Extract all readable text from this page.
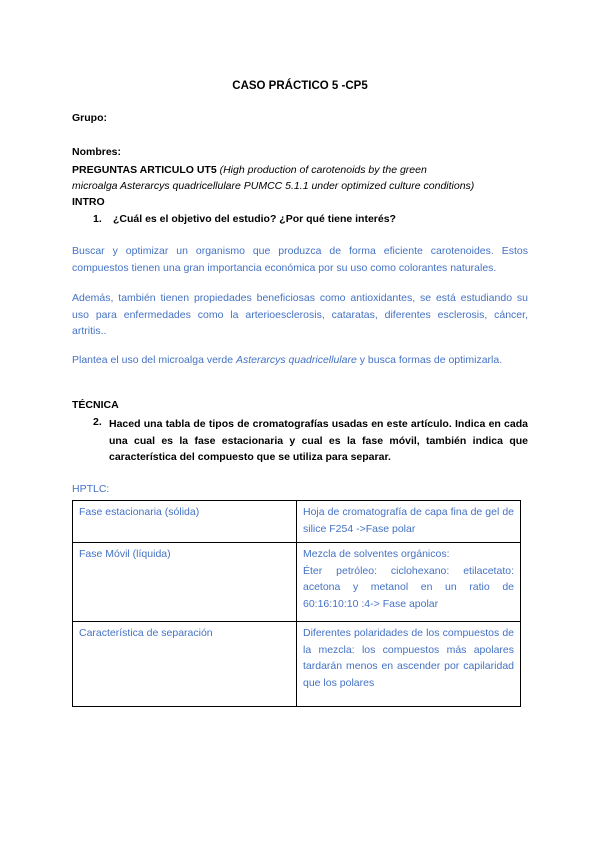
CASO PRÁCTICO 5 -CP5
Grupo:
Nombres:
PREGUNTAS ARTICULO UT5 (High production of carotenoids by the green
microalga Asterarcys quadricellulare PUMCC 5.1.1 under optimized culture conditions)
INTRO
1. ¿Cuál es el objetivo del estudio? ¿Por qué tiene interés?
Buscar y optimizar un organismo que produzca de forma eficiente carotenoides. Estos compuestos tienen una gran importancia económica por su uso como colorantes naturales.
Además, también tienen propiedades beneficiosas como antioxidantes, se está estudiando su uso para enfermedades como la arterioesclerosis, cataratas, diferentes esclerosis, cáncer, artritis..
Plantea el uso del microalga verde Asterarcys quadricellulare y busca formas de optimizarla.
TÉCNICA
2. Haced una tabla de tipos de cromatografías usadas en este artículo. Indica en cada una cual es la fase estacionaria y cual es la fase móvil, también indica que característica del compuesto que se utiliza para separar.
HPTLC:
Fase estacionaria (sólida)	Hoja de cromatografía de capa fina de gel de silice F254 ->Fase polar
Fase Móvil (líquida)	Mezcla de solventes orgánicos:
Éter petróleo: ciclohexano: etilacetato: acetona y metanol en un ratio de 60:16:10:10 :4-> Fase apolar

Característica de separación	Diferentes polaridades de los compuestos de la mezcla: los compuestos más apolares tardarán menos en ascender por capilaridad que los polares
